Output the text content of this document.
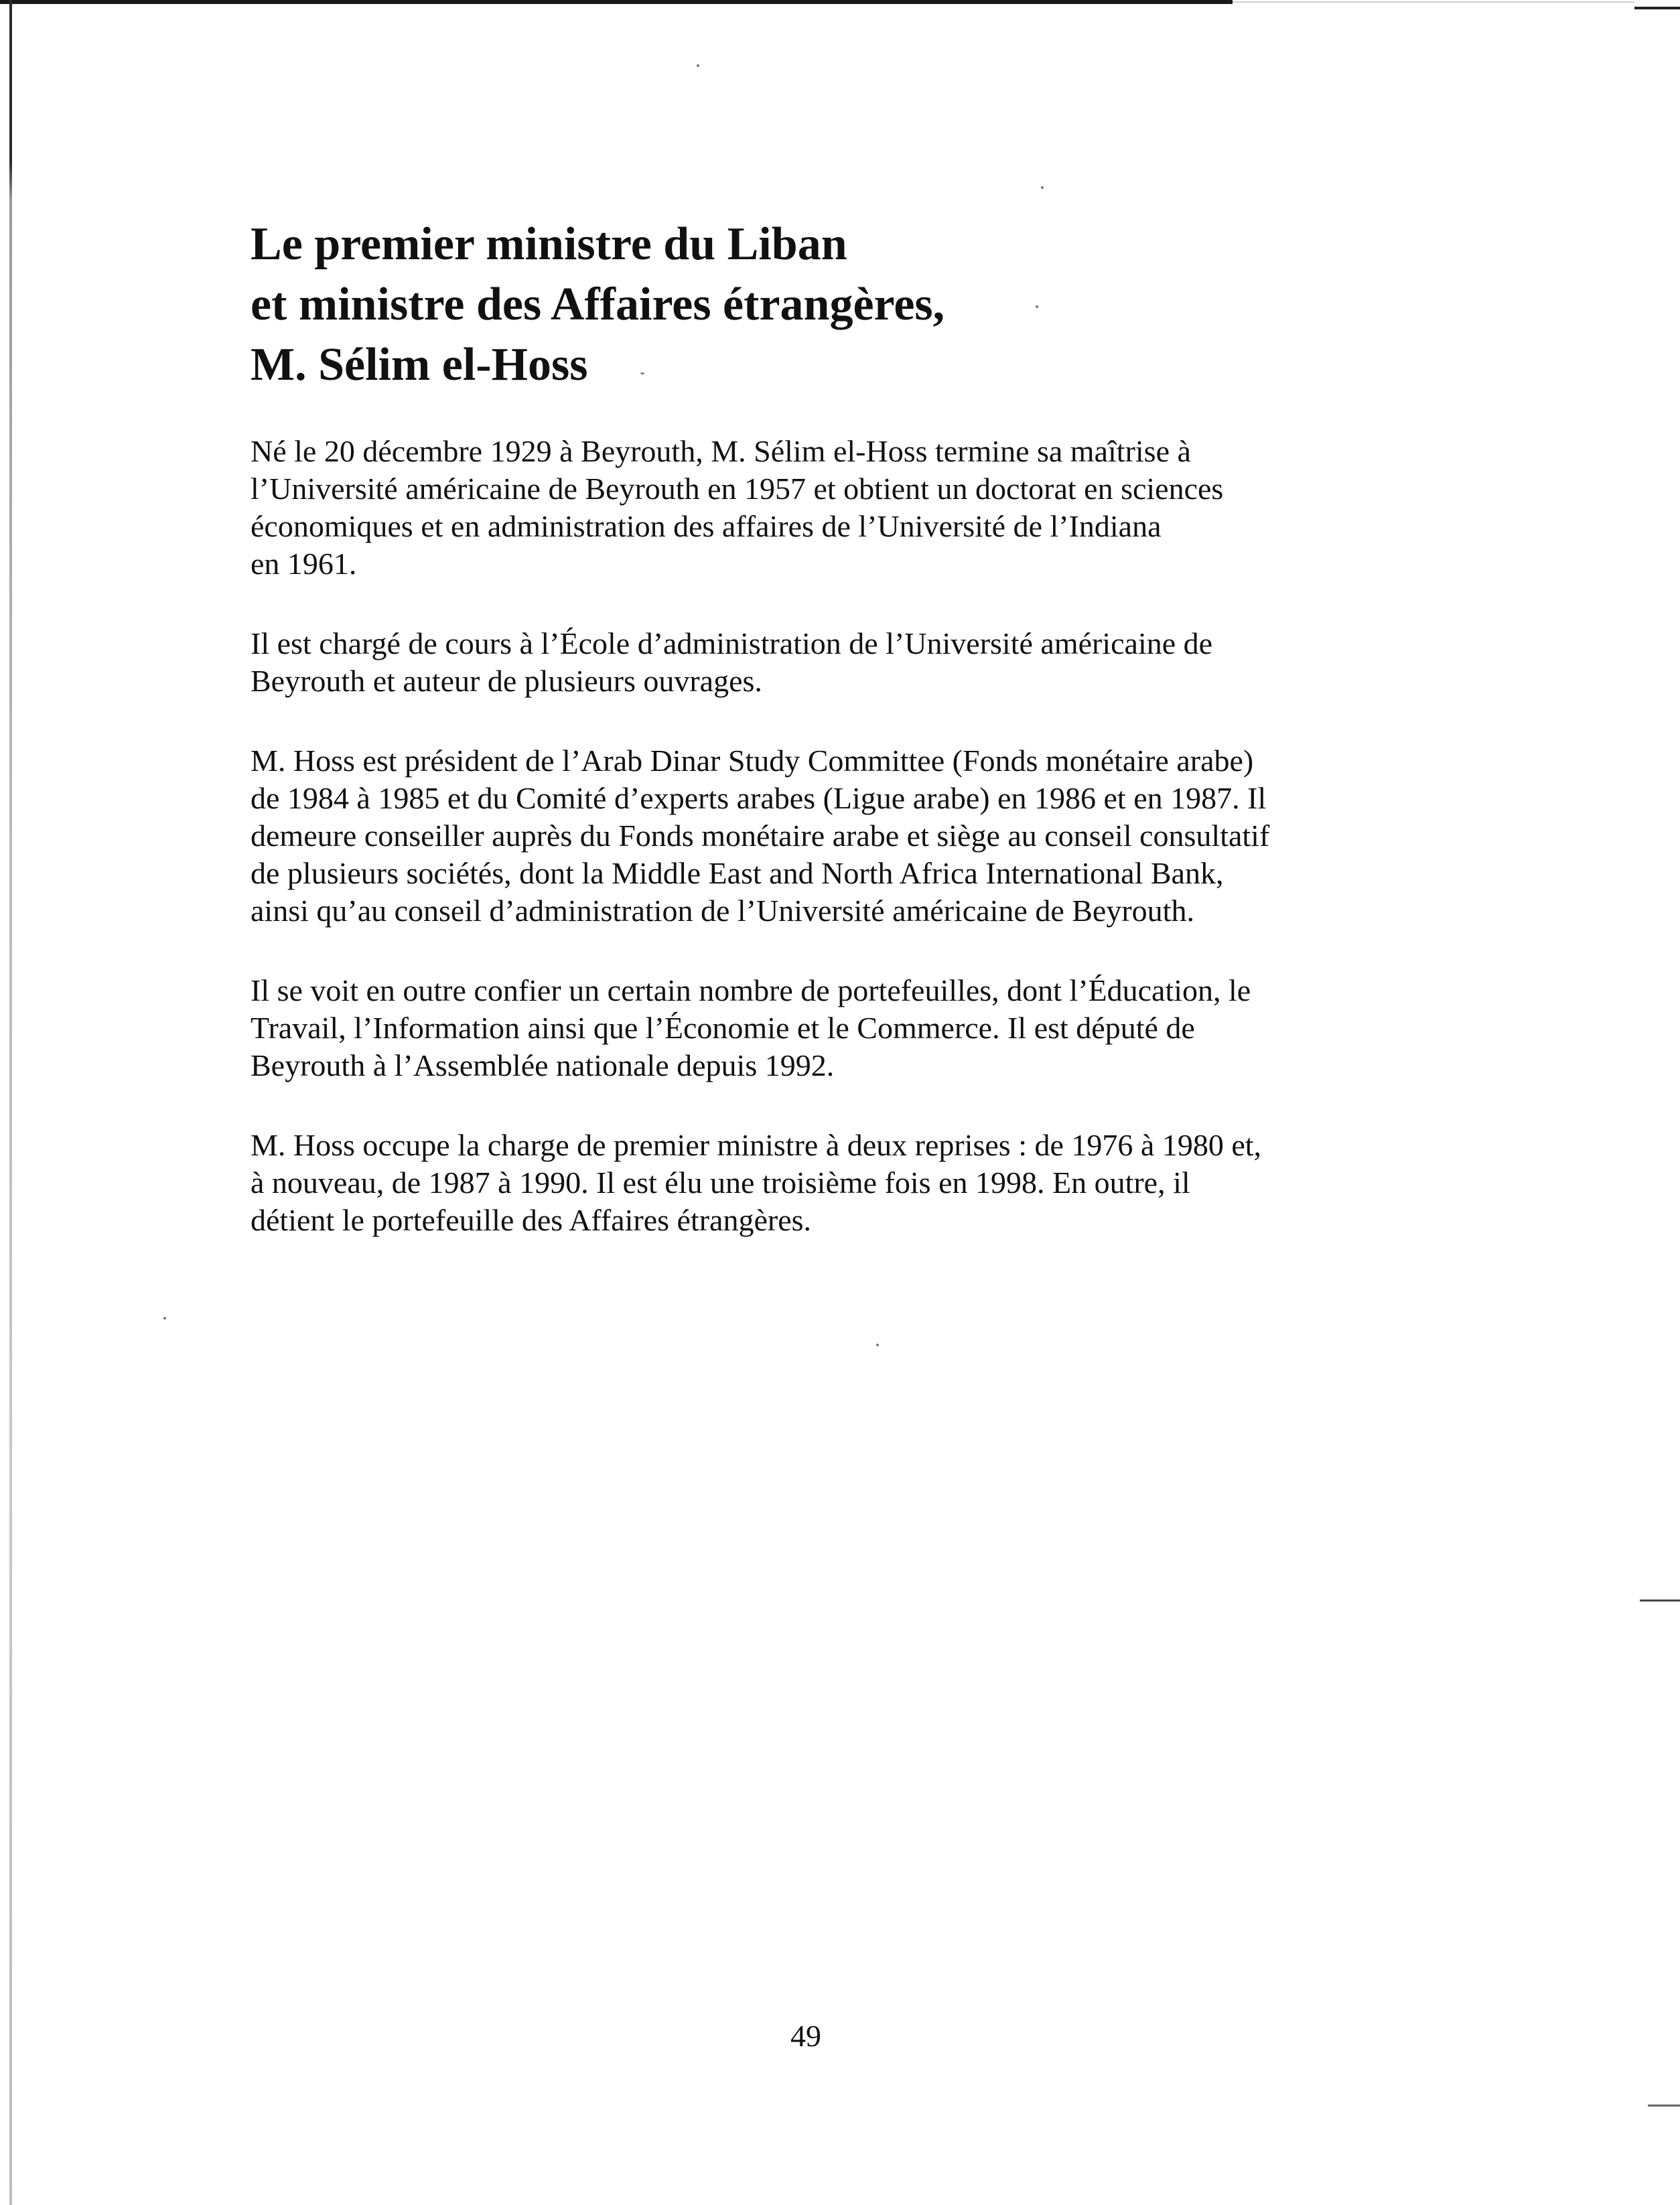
Le premier ministre du Liban
et ministre des Affaires étrangères,
M. Sélim el-Hoss

Né le 20 décembre 1929 à Beyrouth, M. Sélim el-Hoss termine sa maîtrise à
l’Université américaine de Beyrouth en 1957 et obtient un doctorat en sciences
économiques et en administration des affaires de l’Université de l’Indiana
en 1961.

Il est chargé de cours à l’École d’administration de l’Université américaine de
Beyrouth et auteur de plusieurs ouvrages.

M. Hoss est président de l’Arab Dinar Study Committee (Fonds monétaire arabe)
de 1984 à 1985 et du Comité d’experts arabes (Ligue arabe) en 1986 et en 1987. Il
demeure conseiller auprès du Fonds monétaire arabe et siège au conseil consultatif
de plusieurs sociétés, dont la Middle East and North Africa International Bank,
ainsi qu’au conseil d’administration de l’Université américaine de Beyrouth.

Il se voit en outre confier un certain nombre de portefeuilles, dont l’Éducation, le
Travail, l’Information ainsi que l’Économie et le Commerce. Il est député de
Beyrouth à l’Assemblée nationale depuis 1992.

M. Hoss occupe la charge de premier ministre à deux reprises : de 1976 à 1980 et,
à nouveau, de 1987 à 1990. Il est élu une troisième fois en 1998. En outre, il
détient le portefeuille des Affaires étrangères.

49
